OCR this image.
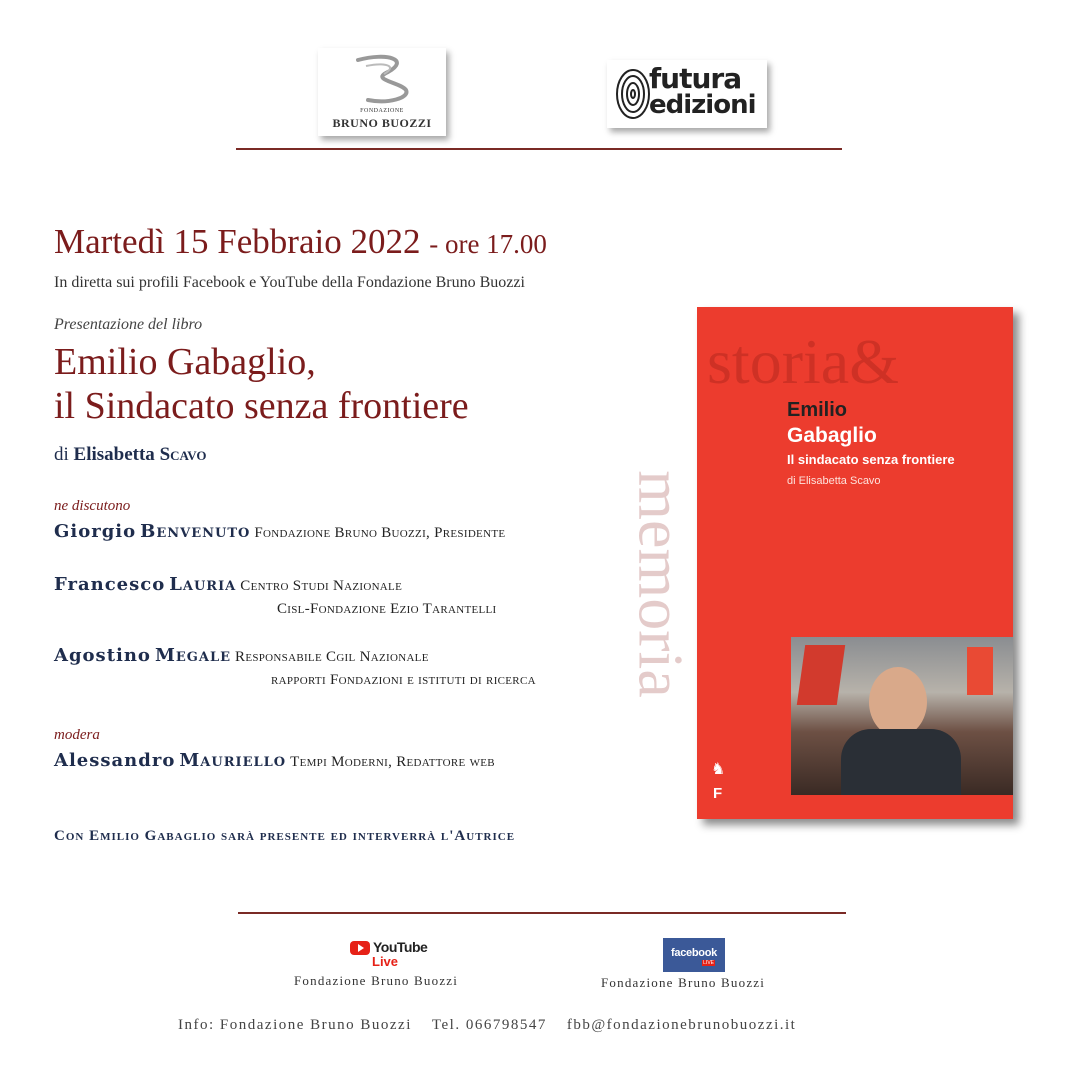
FONDAZIONE
BRUNO BUOZZI
futura
edizioni
Martedì 15 Febbraio 2022 - ore 17.00
In diretta sui profili Facebook e YouTube della Fondazione Bruno Buozzi
Presentazione del libro
Emilio Gabaglio,
il Sindacato senza frontiere
di Elisabetta Scavo
ne discutono
Giorgio Benvenuto Fondazione Bruno Buozzi, Presidente
Francesco Lauria Centro Studi Nazionale
Cisl-Fondazione Ezio Tarantelli
Agostino Megale Responsabile Cgil Nazionale
rapporti Fondazioni e istituti di ricerca
modera
Alessandro Mauriello Tempi Moderni, Redattore web
Con Emilio Gabaglio sarà presente ed interverrà l'Autrice
storia&
memoria
Emilio
Gabaglio
Il sindacato senza frontiere
di Elisabetta Scavo
♞
F
YouTube
Live
Fondazione Bruno Buozzi
facebook
LIVE
Fondazione Bruno Buozzi
Info: Fondazione Bruno Buozzi Tel. 066798547 fbb@fondazionebrunobuozzi.it
